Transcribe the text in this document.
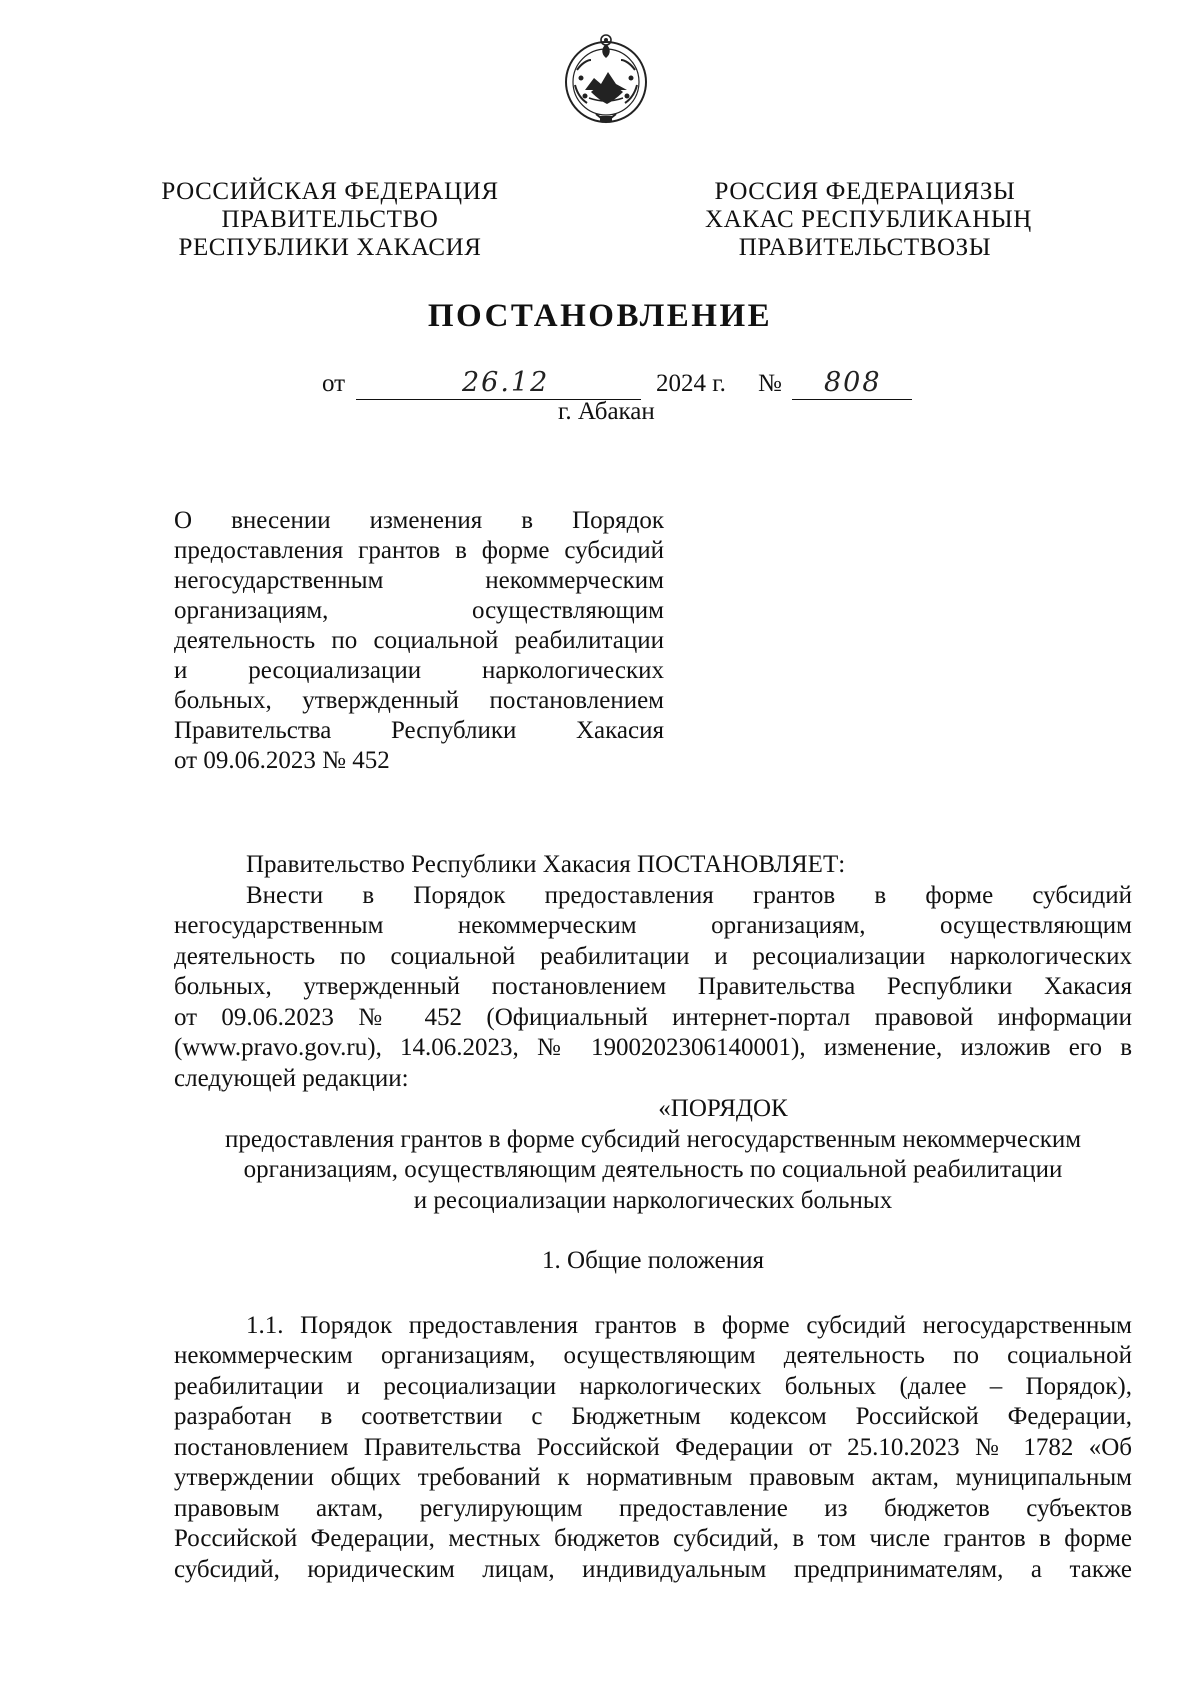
РОССИЙСКАЯ ФЕДЕРАЦИЯ
ПРАВИТЕЛЬСТВО
РЕСПУБЛИКИ ХАКАСИЯ
РОССИЯ ФЕДЕРАЦИЯЗЫ
ХАКАС РЕСПУБЛИКАНЫҢ
ПРАВИТЕЛЬСТВОЗЫ
ПОСТАНОВЛЕНИЕ
от	26.12	2024 г. № 808
г. Абакан
О внесении изменения в Порядок
предоставления грантов в форме субсидий
негосударственным некоммерческим
организациям, осуществляющим
деятельность по социальной реабилитации
и ресоциализации наркологических
больных, утвержденный постановлением
Правительства Республики Хакасия
от 09.06.2023 № 452
Правительство Республики Хакасия ПОСТАНОВЛЯЕТ:
Внести в Порядок предоставления грантов в форме субсидий
негосударственным некоммерческим организациям, осуществляющим
деятельность по социальной реабилитации и ресоциализации наркологических
больных, утвержденный постановлением Правительства Республики Хакасия
от 09.06.2023 № 452 (Официальный интернет-портал правовой информации
(www.pravo.gov.ru), 14.06.2023, № 1900202306140001), изменение, изложив его в
следующей редакции:
«ПОРЯДОК
предоставления грантов в форме субсидий негосударственным некоммерческим
организациям, осуществляющим деятельность по социальной реабилитации
и ресоциализации наркологических больных
1. Общие положения
1.1. Порядок предоставления грантов в форме субсидий негосударственным
некоммерческим организациям, осуществляющим деятельность по социальной
реабилитации и ресоциализации наркологических больных (далее – Порядок),
разработан в соответствии с Бюджетным кодексом Российской Федерации,
постановлением Правительства Российской Федерации от 25.10.2023 № 1782 «Об
утверждении общих требований к нормативным правовым актам, муниципальным
правовым актам, регулирующим предоставление из бюджетов субъектов
Российской Федерации, местных бюджетов субсидий, в том числе грантов в форме
субсидий, юридическим лицам, индивидуальным предпринимателям, а также
